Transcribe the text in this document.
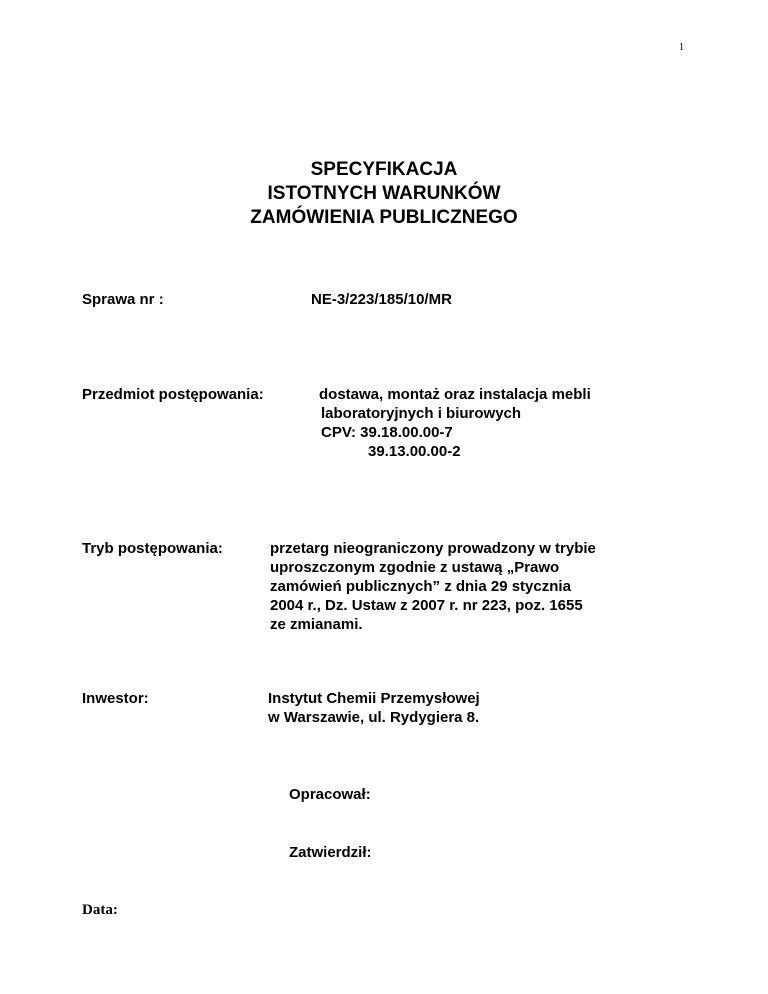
1
SPECYFIKACJA
ISTOTNYCH WARUNKÓW
ZAMÓWIENIA PUBLICZNEGO
Sprawa nr :	NE-3/223/185/10/MR
Przedmiot postępowania:	dostawa, montaż oraz instalacja mebli
laboratoryjnych i biurowych
CPV: 39.18.00.00-7
39.13.00.00-2
Tryb postępowania:	przetarg nieograniczony prowadzony w trybie
uproszczonym zgodnie z ustawą „Prawo
zamówień publicznych” z dnia 29 stycznia
2004 r., Dz. Ustaw z 2007 r. nr 223, poz. 1655
ze zmianami.
Inwestor:	Instytut Chemii Przemysłowej
w Warszawie, ul. Rydygiera 8.
Opracował:
Zatwierdził:
Data:
